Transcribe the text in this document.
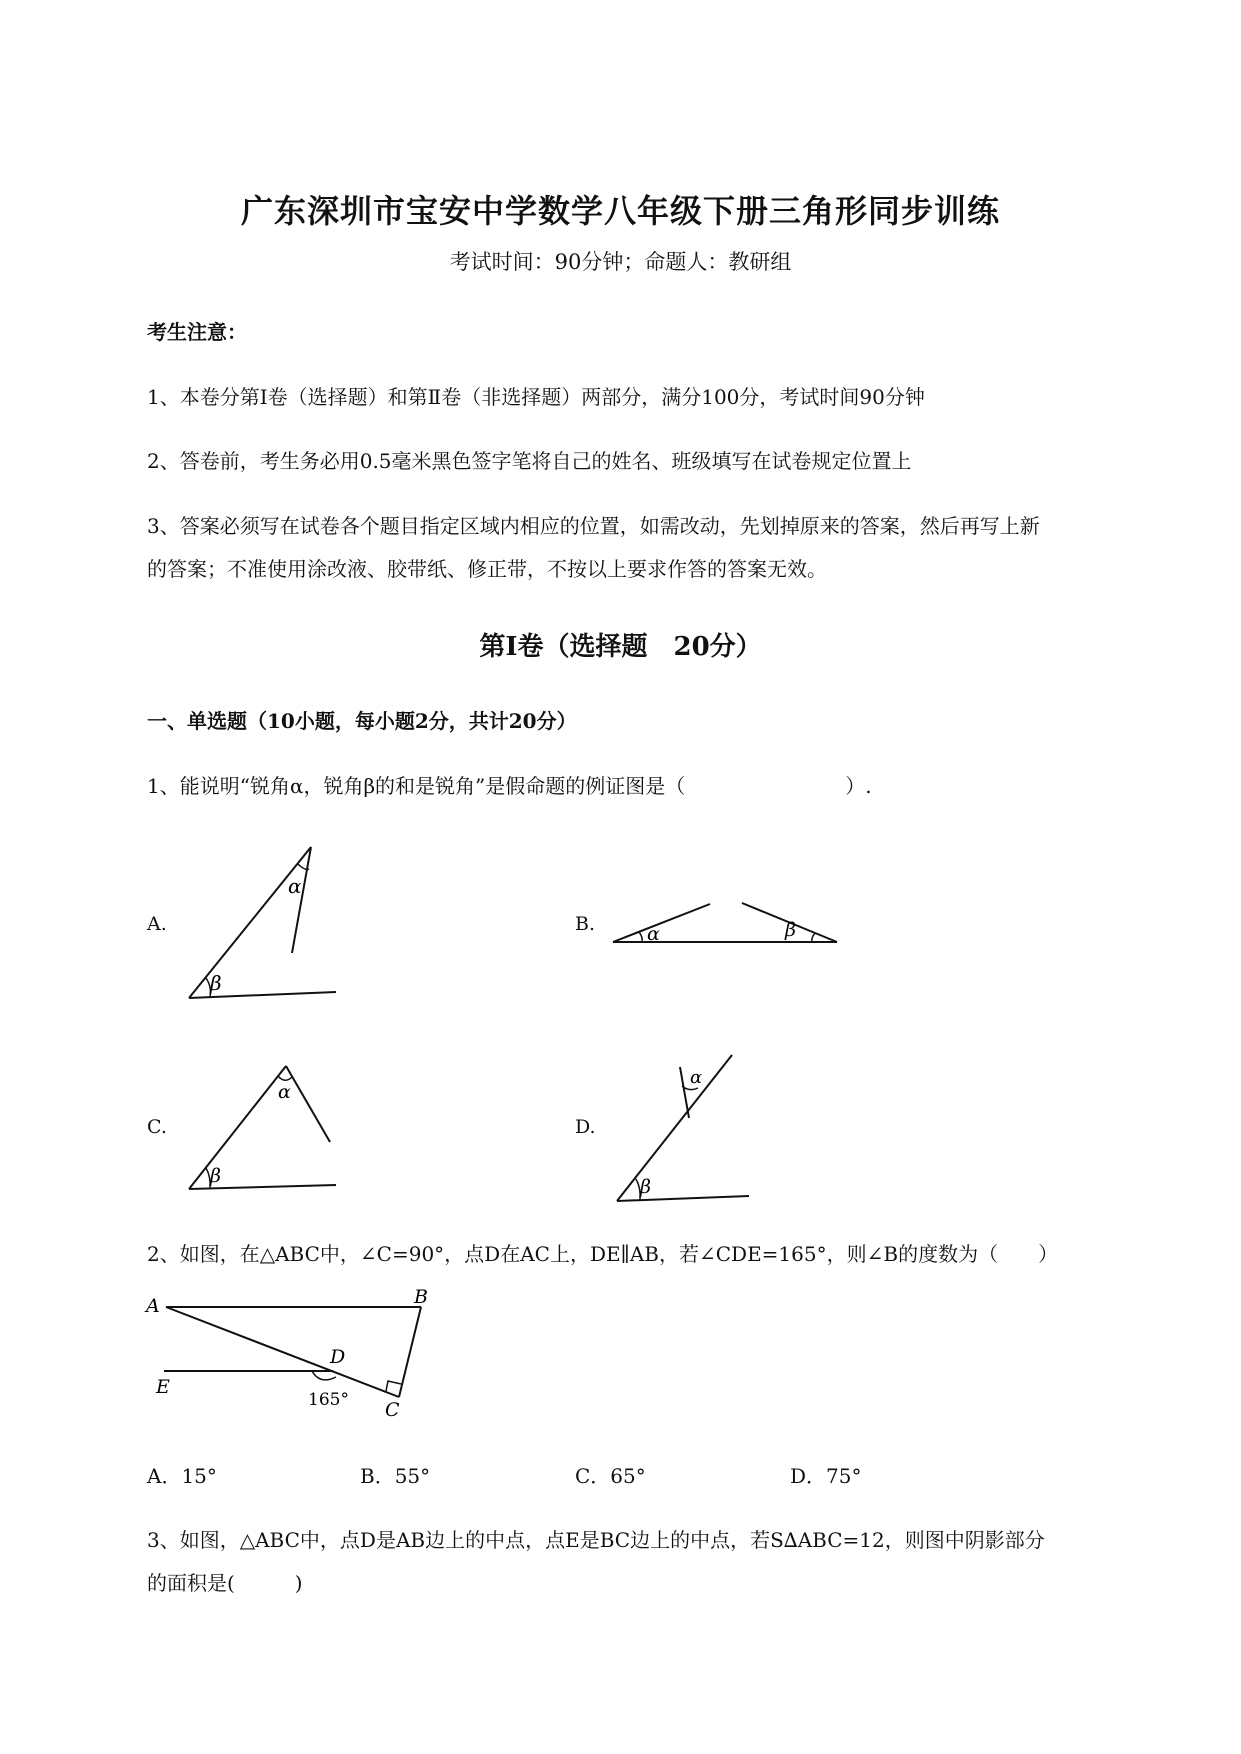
广东深圳市宝安中学数学八年级下册三角形同步训练
考试时间：90分钟；命题人：教研组
考生注意：
1、本卷分第Ⅰ卷（选择题）和第Ⅱ卷（非选择题）两部分，满分100分，考试时间90分钟
2、答卷前，考生务必用0.5毫米黑色签字笔将自己的姓名、班级填写在试卷规定位置上
3、答案必须写在试卷各个题目指定区域内相应的位置，如需改动，先划掉原来的答案，然后再写上新
的答案；不准使用涂改液、胶带纸、修正带，不按以上要求作答的答案无效。
第Ⅰ卷（选择题　20分）
一、单选题（10小题，每小题2分，共计20分）
1、能说明“锐角α，锐角β的和是锐角”是假命题的例证图是（　　　　　　　　）.
A.	B.
C.	D.
α
β
α	β
α
β
α
β
2、如图，在△ABC中，∠C=90°，点D在AC上，DE∥AB，若∠CDE=165°，则∠B的度数为（　　）
A	B
C
D
E
165°
A．15°	B．55°	C．65°	D．75°
3、如图，△ABC中，点D是AB边上的中点，点E是BC边上的中点，若S∆ABC=12，则图中阴影部分
的面积是(　　　)
